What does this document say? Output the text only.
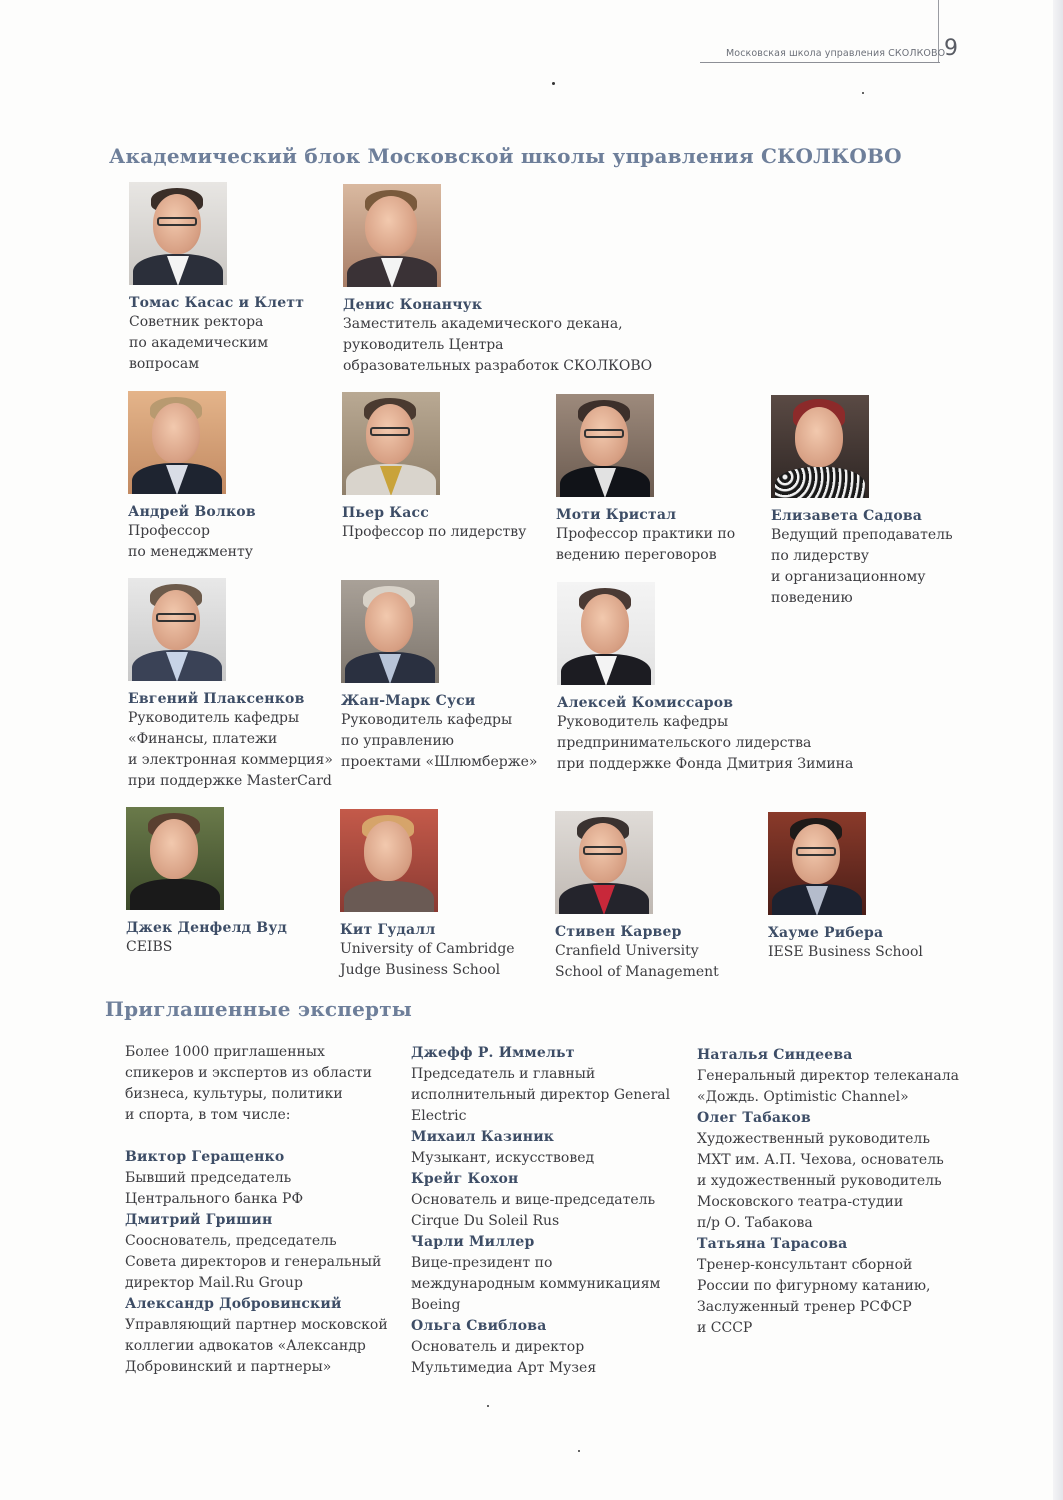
Московская школа управления СКОЛКОВО
9
Академический блок Московской школы управления СКОЛКОВО
Томас Касас и Клетт
Советник ректора
по академическим
вопросам
Денис Конанчук
Заместитель академического декана,
руководитель Центра
образовательных разработок СКОЛКОВО
Андрей Волков
Профессор
по менеджменту
Пьер Касс
Профессор по лидерству
Моти Кристал
Профессор практики по
ведению переговоров
Елизавета Садова
Ведущий преподаватель
по лидерству
и организационному
поведению
Евгений Плаксенков
Руководитель кафедры
«Финансы, платежи
и электронная коммерция»
при поддержке MasterCard
Жан-Марк Суси
Руководитель кафедры
по управлению
проектами «Шлюмберже»
Алексей Комиссаров
Руководитель кафедры
предпринимательского лидерства
при поддержке Фонда Дмитрия Зимина
Джек Денфелд Вуд
CEIBS
Кит Гудалл
University of Cambridge
Judge Business School
Стивен Карвер
Cranfield University
School of Management
Хауме Рибера
IESE Business School
Приглашенные эксперты
Более 1000 приглашенных
спикеров и экспертов из области
бизнеса, культуры, политики
и спорта, в том числе:
Виктор Геращенко
Бывший председатель
Центрального банка РФ
Дмитрий Гришин
Сооснователь, председатель
Совета директоров и генеральный
директор Mail.Ru Group
Александр Добровинский
Управляющий партнер московской
коллегии адвокатов «Александр
Добровинский и партнеры»
Джефф Р. Иммельт
Председатель и главный
исполнительный директор General
Electric
Михаил Казиник
Музыкант, искусствовед
Крейг Кохон
Основатель и вице-председатель
Cirque Du Soleil Rus
Чарли Миллер
Вице-президент по
международным коммуникациям
Boeing
Ольга Свиблова
Основатель и директор
Мультимедиа Арт Музея
Наталья Синдеева
Генеральный директор телеканала
«Дождь. Optimistic Channel»
Олег Табаков
Художественный руководитель
МХТ им. А.П. Чехова, основатель
и художественный руководитель
Московского театра-студии
п/р О. Табакова
Татьяна Тарасова
Тренер-консультант сборной
России по фигурному катанию,
Заслуженный тренер РСФСР
и СССР
